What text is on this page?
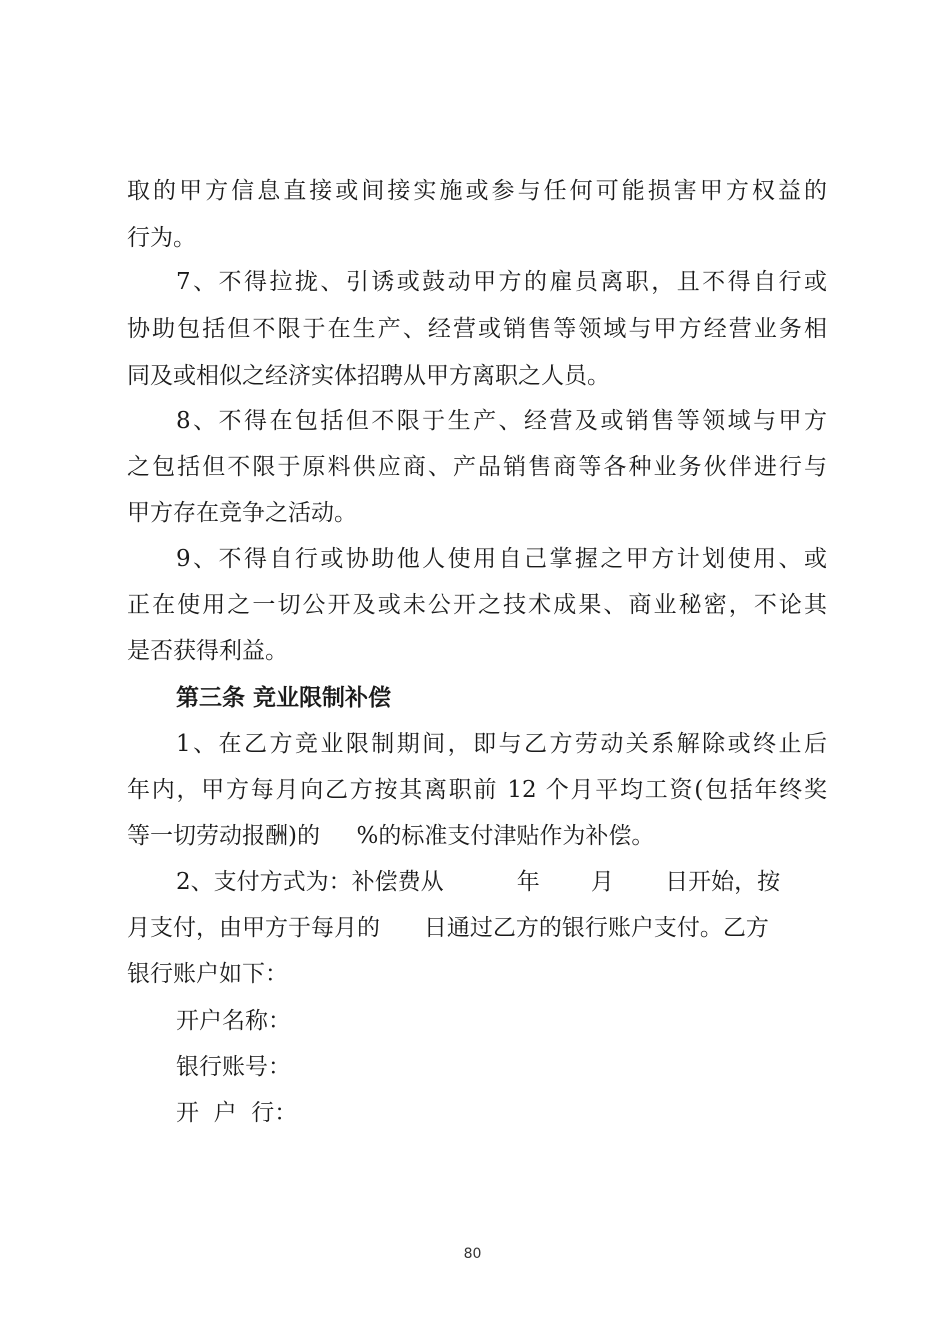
取的甲方信息直接或间接实施或参与任何可能损害甲方权益的
行为。
7、不得拉拢、引诱或鼓动甲方的雇员离职，且不得自行或
协助包括但不限于在生产、经营或销售等领域与甲方经营业务相
同及或相似之经济实体招聘从甲方离职之人员。
8、不得在包括但不限于生产、经营及或销售等领域与甲方
之包括但不限于原料供应商、产品销售商等各种业务伙伴进行与
甲方存在竞争之活动。
9、不得自行或协助他人使用自己掌握之甲方计划使用、或
正在使用之一切公开及或未公开之技术成果、商业秘密，不论其
是否获得利益。
第三条 竞业限制补偿
1、在乙方竞业限制期间，即与乙方劳动关系解除或终止后
年内，甲方每月向乙方按其离职前 12 个月平均工资(包括年终奖
等一切劳动报酬)的     %的标准支付津贴作为补偿。
2、支付方式为：补偿费从          年       月       日开始，按
月支付，由甲方于每月的      日通过乙方的银行账户支付。乙方
银行账户如下：
开户名称：
银行账号：
开  户  行：
80
